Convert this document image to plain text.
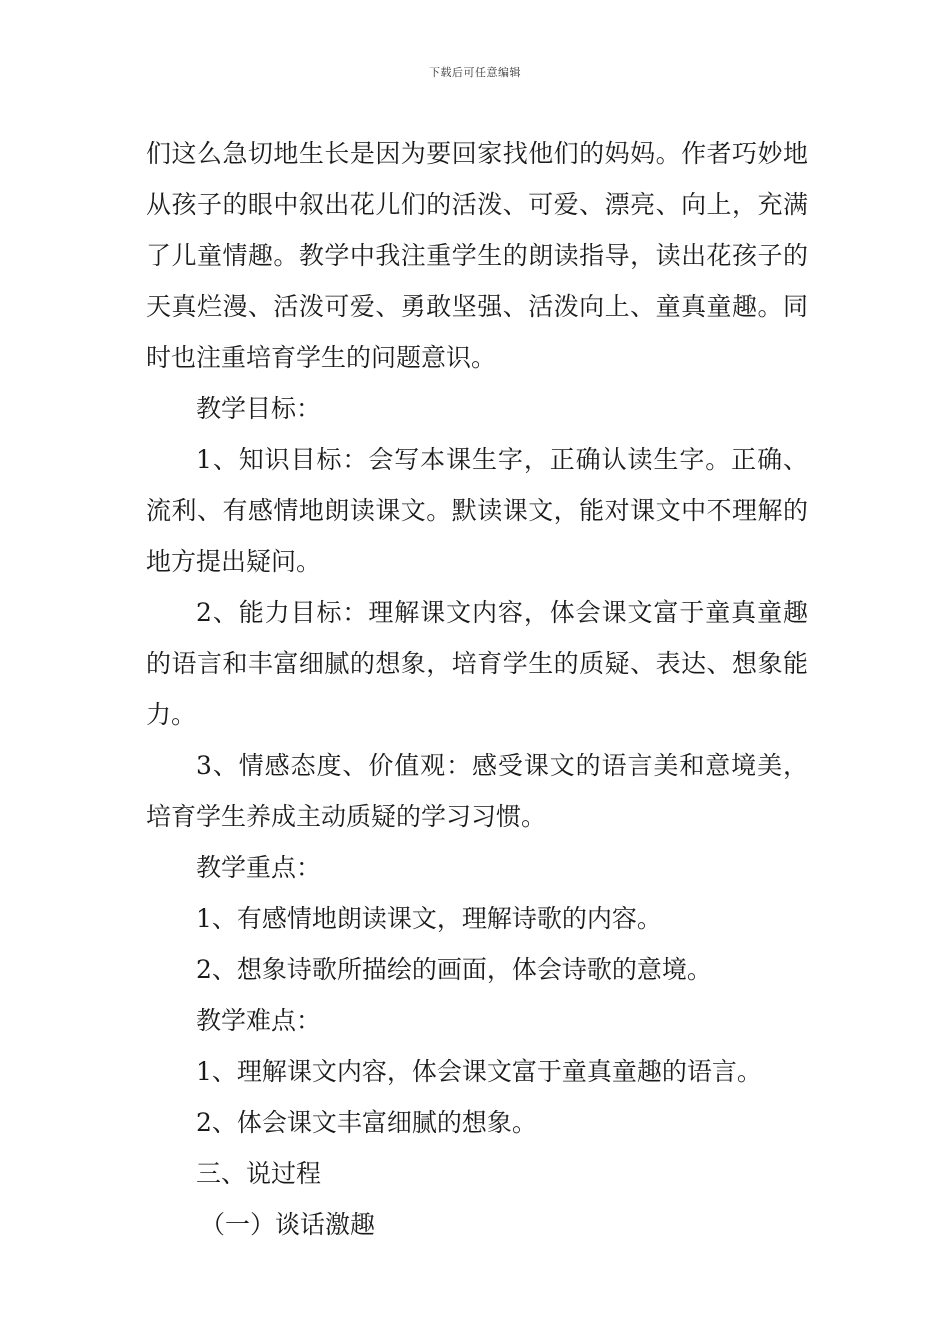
下载后可任意编辑

们这么急切地生长是因为要回家找他们的妈妈。作者巧妙地从孩子的眼中叙出花儿们的活泼、可爱、漂亮、向上，充满了儿童情趣。教学中我注重学生的朗读指导，读出花孩子的天真烂漫、活泼可爱、勇敢坚强、活泼向上、童真童趣。同时也注重培育学生的问题意识。

教学目标：

1、知识目标：会写本课生字，正确认读生字。正确、流利、有感情地朗读课文。默读课文，能对课文中不理解的地方提出疑问。

2、能力目标：理解课文内容，体会课文富于童真童趣的语言和丰富细腻的想象，培育学生的质疑、表达、想象能力。

3、情感态度、价值观：感受课文的语言美和意境美，培育学生养成主动质疑的学习习惯。

教学重点：

1、有感情地朗读课文，理解诗歌的内容。

2、想象诗歌所描绘的画面，体会诗歌的意境。

教学难点：

1、理解课文内容，体会课文富于童真童趣的语言。

2、体会课文丰富细腻的想象。

三、说过程

（一）谈话激趣
